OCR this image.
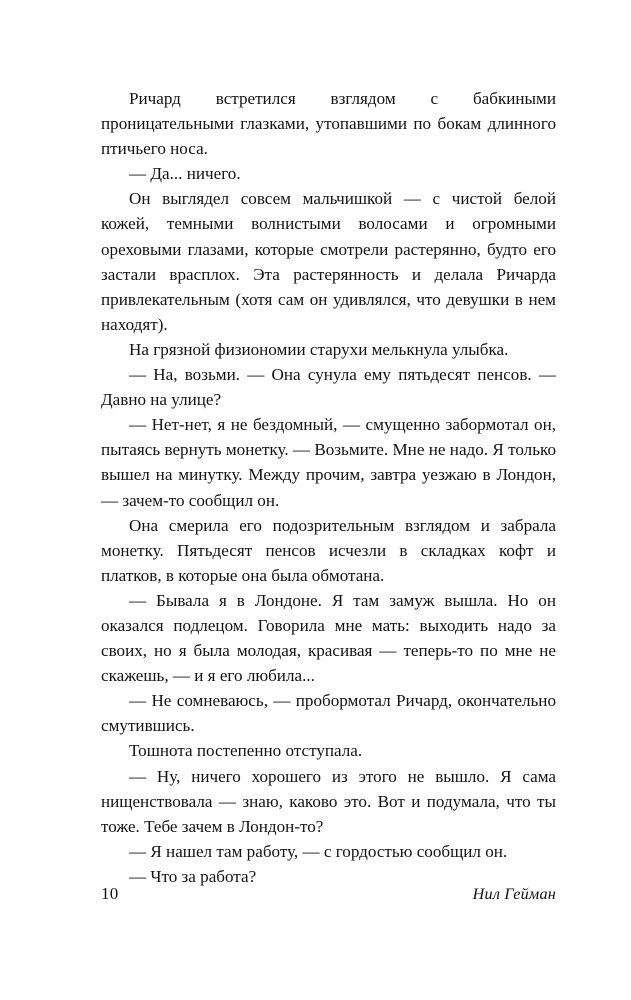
Ричард встретился взглядом с бабкиными проницательными глазками, утопавшими по бокам длинного птичьего носа.

— Да... ничего.

Он выглядел совсем мальчишкой — с чистой белой кожей, темными волнистыми волосами и огромными ореховыми глазами, которые смотрели растерянно, будто его застали врасплох. Эта растерянность и делала Ричарда привлекательным (хотя сам он удивлялся, что девушки в нем находят).

На грязной физиономии старухи мелькнула улыбка.

— На, возьми. — Она сунула ему пятьдесят пенсов. — Давно на улице?

— Нет-нет, я не бездомный, — смущенно забормотал он, пытаясь вернуть монетку. — Возьмите. Мне не надо. Я только вышел на минутку. Между прочим, завтра уезжаю в Лондон, — зачем-то сообщил он.

Она смерила его подозрительным взглядом и забрала монетку. Пятьдесят пенсов исчезли в складках кофт и платков, в которые она была обмотана.

— Бывала я в Лондоне. Я там замуж вышла. Но он оказался подлецом. Говорила мне мать: выходить надо за своих, но я была молодая, красивая — теперь-то по мне не скажешь, — и я его любила...

— Не сомневаюсь, — пробормотал Ричард, окончательно смутившись.

Тошнота постепенно отступала.

— Ну, ничего хорошего из этого не вышло. Я сама нищенствовала — знаю, каково это. Вот и подумала, что ты тоже. Тебе зачем в Лондон-то?

— Я нашел там работу, — с гордостью сообщил он.

— Что за работа?

10	Нил Гейман
